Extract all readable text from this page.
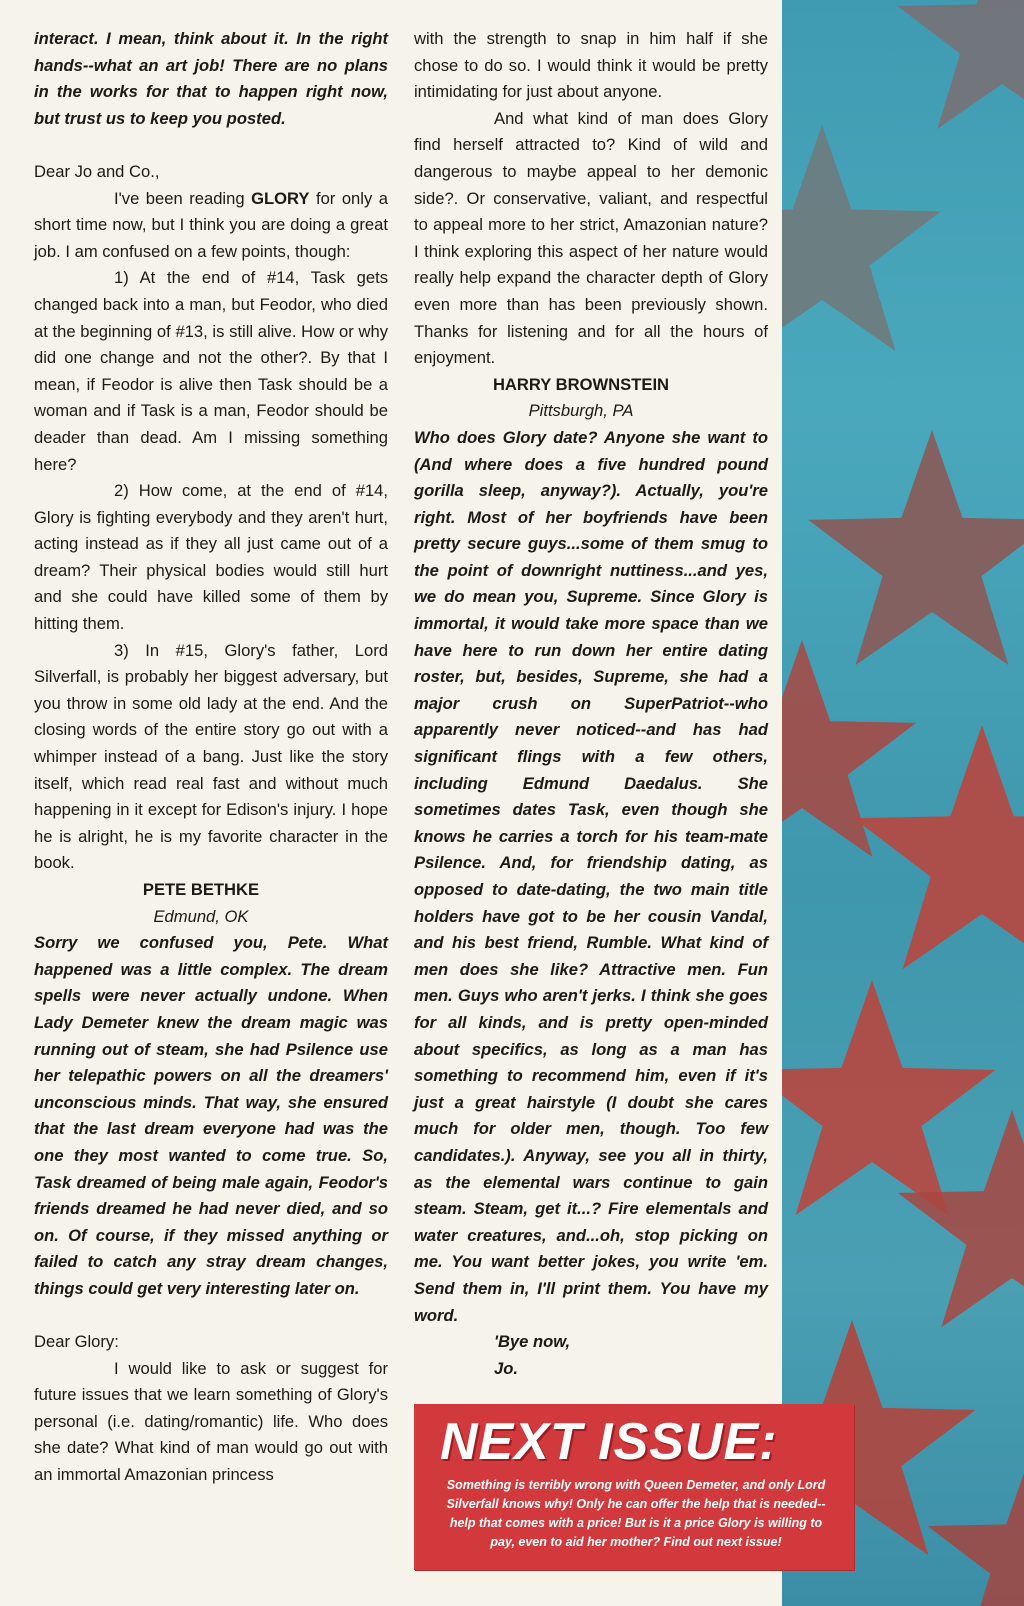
interact. I mean, think about it. In the right hands--what an art job! There are no plans in the works for that to happen right now, but trust us to keep you posted.

Dear Jo and Co.,

I've been reading GLORY for only a short time now, but I think you are doing a great job. I am confused on a few points, though:

1) At the end of #14, Task gets changed back into a man, but Feodor, who died at the beginning of #13, is still alive. How or why did one change and not the other?. By that I mean, if Feodor is alive then Task should be a woman and if Task is a man, Feodor should be deader than dead. Am I missing something here?

2) How come, at the end of #14, Glory is fighting everybody and they aren't hurt, acting instead as if they all just came out of a dream? Their physical bodies would still hurt and she could have killed some of them by hitting them.

3) In #15, Glory's father, Lord Silverfall, is probably her biggest adversary, but you throw in some old lady at the end. And the closing words of the entire story go out with a whimper instead of a bang. Just like the story itself, which read real fast and without much happening in it except for Edison's injury. I hope he is alright, he is my favorite character in the book.

PETE BETHKE

Edmund, OK

Sorry we confused you, Pete. What happened was a little complex. The dream spells were never actually undone. When Lady Demeter knew the dream magic was running out of steam, she had Psilence use her telepathic powers on all the dreamers' unconscious minds. That way, she ensured that the last dream everyone had was the one they most wanted to come true. So, Task dreamed of being male again, Feodor's friends dreamed he had never died, and so on. Of course, if they missed anything or failed to catch any stray dream changes, things could get very interesting later on.

Dear Glory:

I would like to ask or suggest for future issues that we learn something of Glory's personal (i.e. dating/romantic) life. Who does she date? What kind of man would go out with an immortal Amazonian princess

with the strength to snap in him half if she chose to do so. I would think it would be pretty intimidating for just about anyone.

And what kind of man does Glory find herself attracted to? Kind of wild and dangerous to maybe appeal to her demonic side?. Or conservative, valiant, and respectful to appeal more to her strict, Amazonian nature? I think exploring this aspect of her nature would really help expand the character depth of Glory even more than has been previously shown. Thanks for listening and for all the hours of enjoyment.

HARRY BROWNSTEIN

Pittsburgh, PA

Who does Glory date? Anyone she want to (And where does a five hundred pound gorilla sleep, anyway?). Actually, you're right. Most of her boyfriends have been pretty secure guys...some of them smug to the point of downright nuttiness...and yes, we do mean you, Supreme. Since Glory is immortal, it would take more space than we have here to run down her entire dating roster, but, besides, Supreme, she had a major crush on SuperPatriot--who apparently never noticed--and has had significant flings with a few others, including Edmund Daedalus. She sometimes dates Task, even though she knows he carries a torch for his team-mate Psilence. And, for friendship dating, as opposed to date-dating, the two main title holders have got to be her cousin Vandal, and his best friend, Rumble. What kind of men does she like? Attractive men. Fun men. Guys who aren't jerks. I think she goes for all kinds, and is pretty open-minded about specifics, as long as a man has something to recommend him, even if it's just a great hairstyle (I doubt she cares much for older men, though. Too few candidates.). Anyway, see you all in thirty, as the elemental wars continue to gain steam. Steam, get it...? Fire elementals and water creatures, and...oh, stop picking on me. You want better jokes, you write 'em. Send them in, I'll print them. You have my word.

'Bye now,

Jo.

NEXT ISSUE:
Something is terribly wrong with Queen Demeter, and only Lord Silverfall knows why! Only he can offer the help that is needed--help that comes with a price! But is it a price Glory is willing to pay, even to aid her mother? Find out next issue!
